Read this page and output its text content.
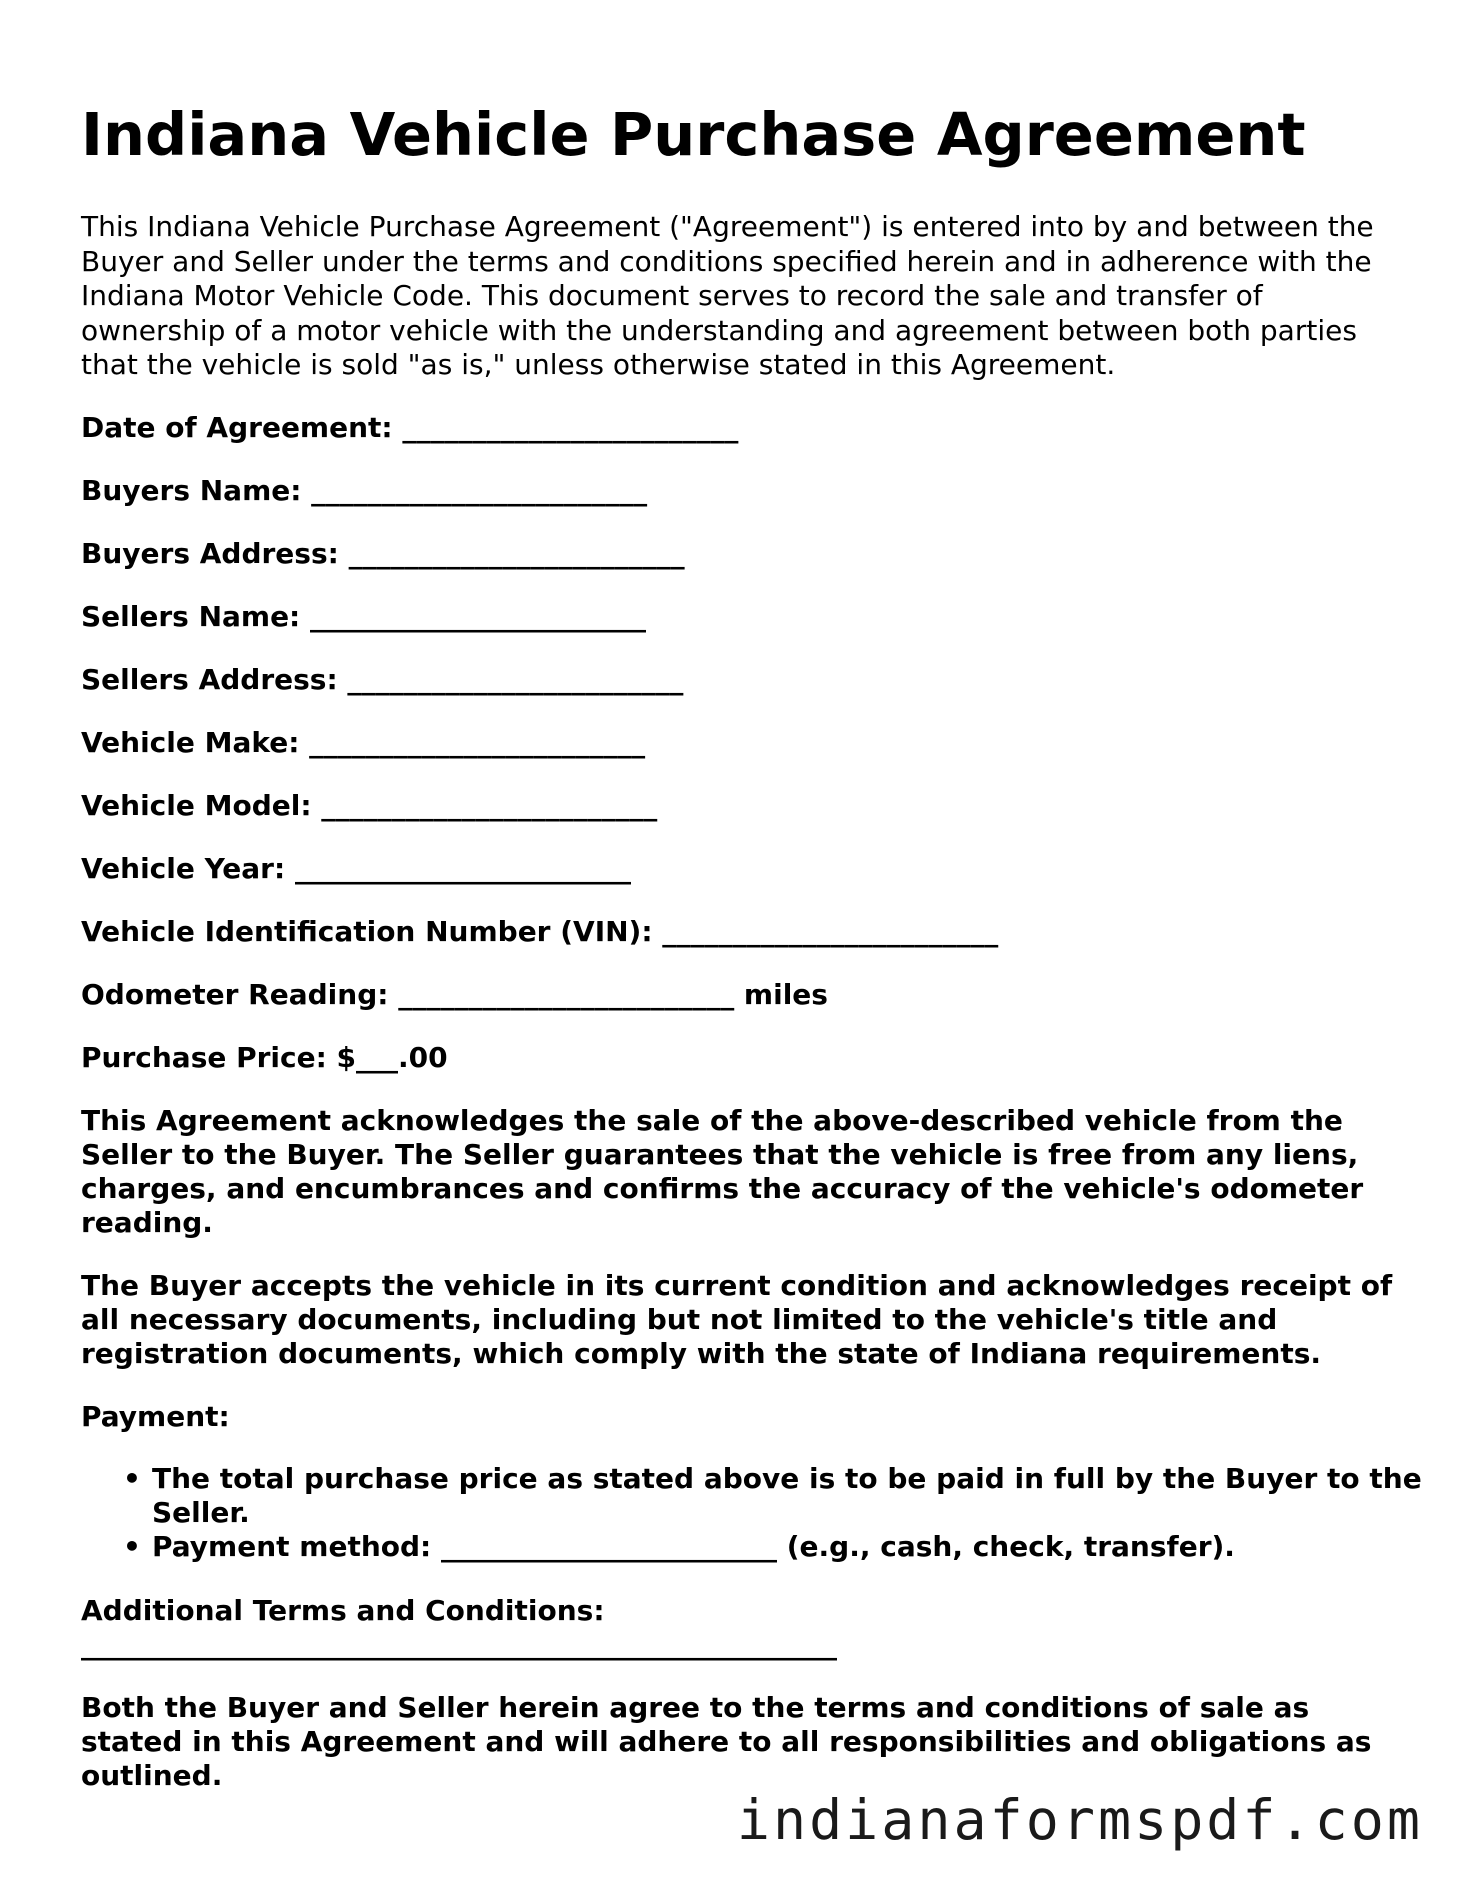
Indiana Vehicle Purchase Agreement

This Indiana Vehicle Purchase Agreement ("Agreement") is entered into by and between the Buyer and Seller under the terms and conditions specified herein and in adherence with the Indiana Motor Vehicle Code. This document serves to record the sale and transfer of ownership of a motor vehicle with the understanding and agreement between both parties that the vehicle is sold "as is," unless otherwise stated in this Agreement.

Date of Agreement: ________________________

Buyers Name: ________________________

Buyers Address: ________________________

Sellers Name: ________________________

Sellers Address: ________________________

Vehicle Make: ________________________

Vehicle Model: ________________________

Vehicle Year: ________________________

Vehicle Identification Number (VIN): ________________________

Odometer Reading: ________________________ miles

Purchase Price: $___.00

This Agreement acknowledges the sale of the above-described vehicle from the Seller to the Buyer. The Seller guarantees that the vehicle is free from any liens, charges, and encumbrances and confirms the accuracy of the vehicle's odometer reading.

The Buyer accepts the vehicle in its current condition and acknowledges receipt of all necessary documents, including but not limited to the vehicle's title and registration documents, which comply with the state of Indiana requirements.

Payment:

• The total purchase price as stated above is to be paid in full by the Buyer to the Seller.
• Payment method: ________________________ (e.g., cash, check, transfer).

Additional Terms and Conditions:

______________________________________________________

Both the Buyer and Seller herein agree to the terms and conditions of sale as stated in this Agreement and will adhere to all responsibilities and obligations as outlined.

indianaformspdf.com
